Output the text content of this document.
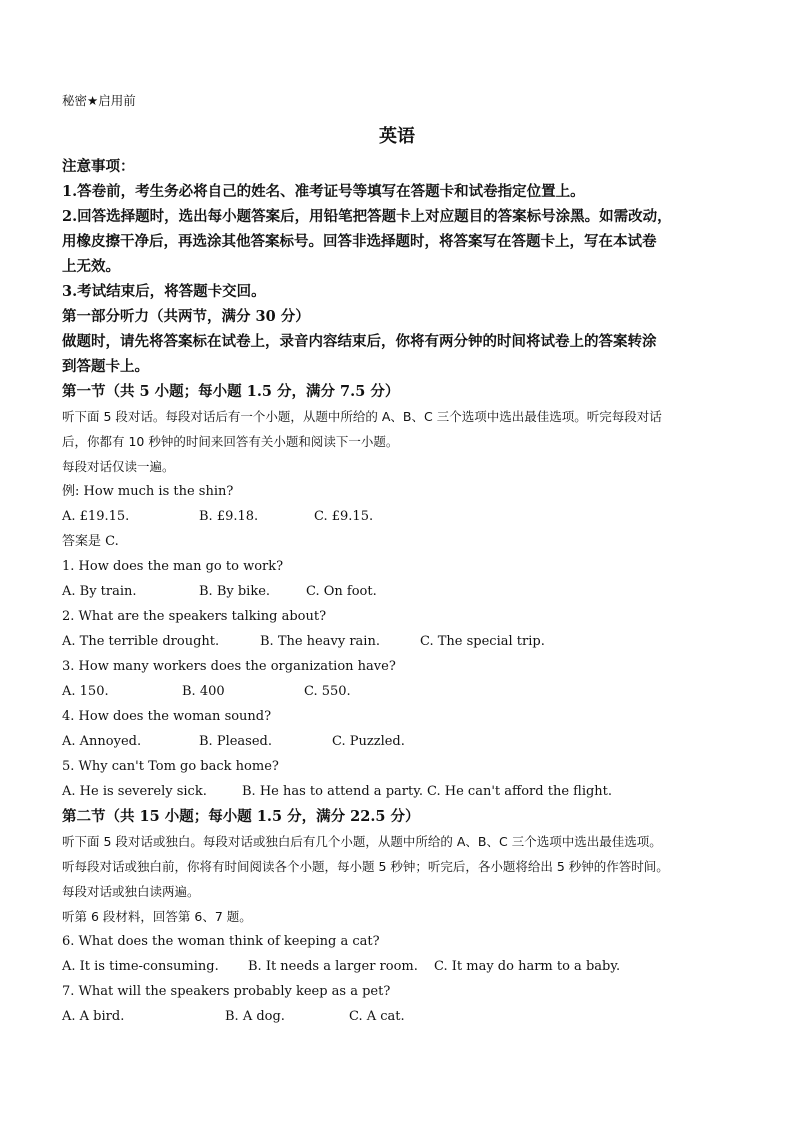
秘密★启用前
英语
注意事项：
1.答卷前，考生务必将自己的姓名、准考证号等填写在答题卡和试卷指定位置上。
2.回答选择题时，选出每小题答案后，用铅笔把答题卡上对应题目的答案标号涂黑。如需改动，
用橡皮擦干净后，再选涂其他答案标号。回答非选择题时，将答案写在答题卡上，写在本试卷
上无效。
3.考试结束后，将答题卡交回。
第一部分听力（共两节，满分 30 分）
做题时，请先将答案标在试卷上，录音内容结束后，你将有两分钟的时间将试卷上的答案转涂
到答题卡上。
第一节（共 5 小题；每小题 1.5 分，满分 7.5 分）
听下面 5 段对话。每段对话后有一个小题，从题中所给的 A、B、C 三个选项中选出最佳选项。听完每段对话
后，你都有 10 秒钟的时间来回答有关小题和阅读下一小题。
每段对话仅读一遍。
例: How much is the shin?
A. £19.15.	B. £9.18.	C. £9.15.
答案是 C.
1. How does the man go to work?
A. By train.	B. By bike.	C. On foot.
2. What are the speakers talking about?
A. The terrible drought.	B. The heavy rain.	C. The special trip.
3. How many workers does the organization have?
A. 150.	B. 400	C. 550.
4. How does the woman sound?
A. Annoyed.	B. Pleased.	C. Puzzled.
5. Why can't Tom go back home?
A. He is severely sick.	B. He has to attend a party. C. He can't afford the flight.
第二节（共 15 小题；每小题 1.5 分，满分 22.5 分）
听下面 5 段对话或独白。每段对话或独白后有几个小题，从题中所给的 A、B、C 三个选项中选出最佳选项。
听每段对话或独白前，你将有时间阅读各个小题，每小题 5 秒钟；听完后，各小题将给出 5 秒钟的作答时间。
每段对话或独白读两遍。
听第 6 段材料，回答第 6、7 题。
6. What does the woman think of keeping a cat?
A. It is time-consuming. B. It needs a larger room. C. It may do harm to a baby.
7. What will the speakers probably keep as a pet?
A. A bird.	B. A dog.	C. A cat.
